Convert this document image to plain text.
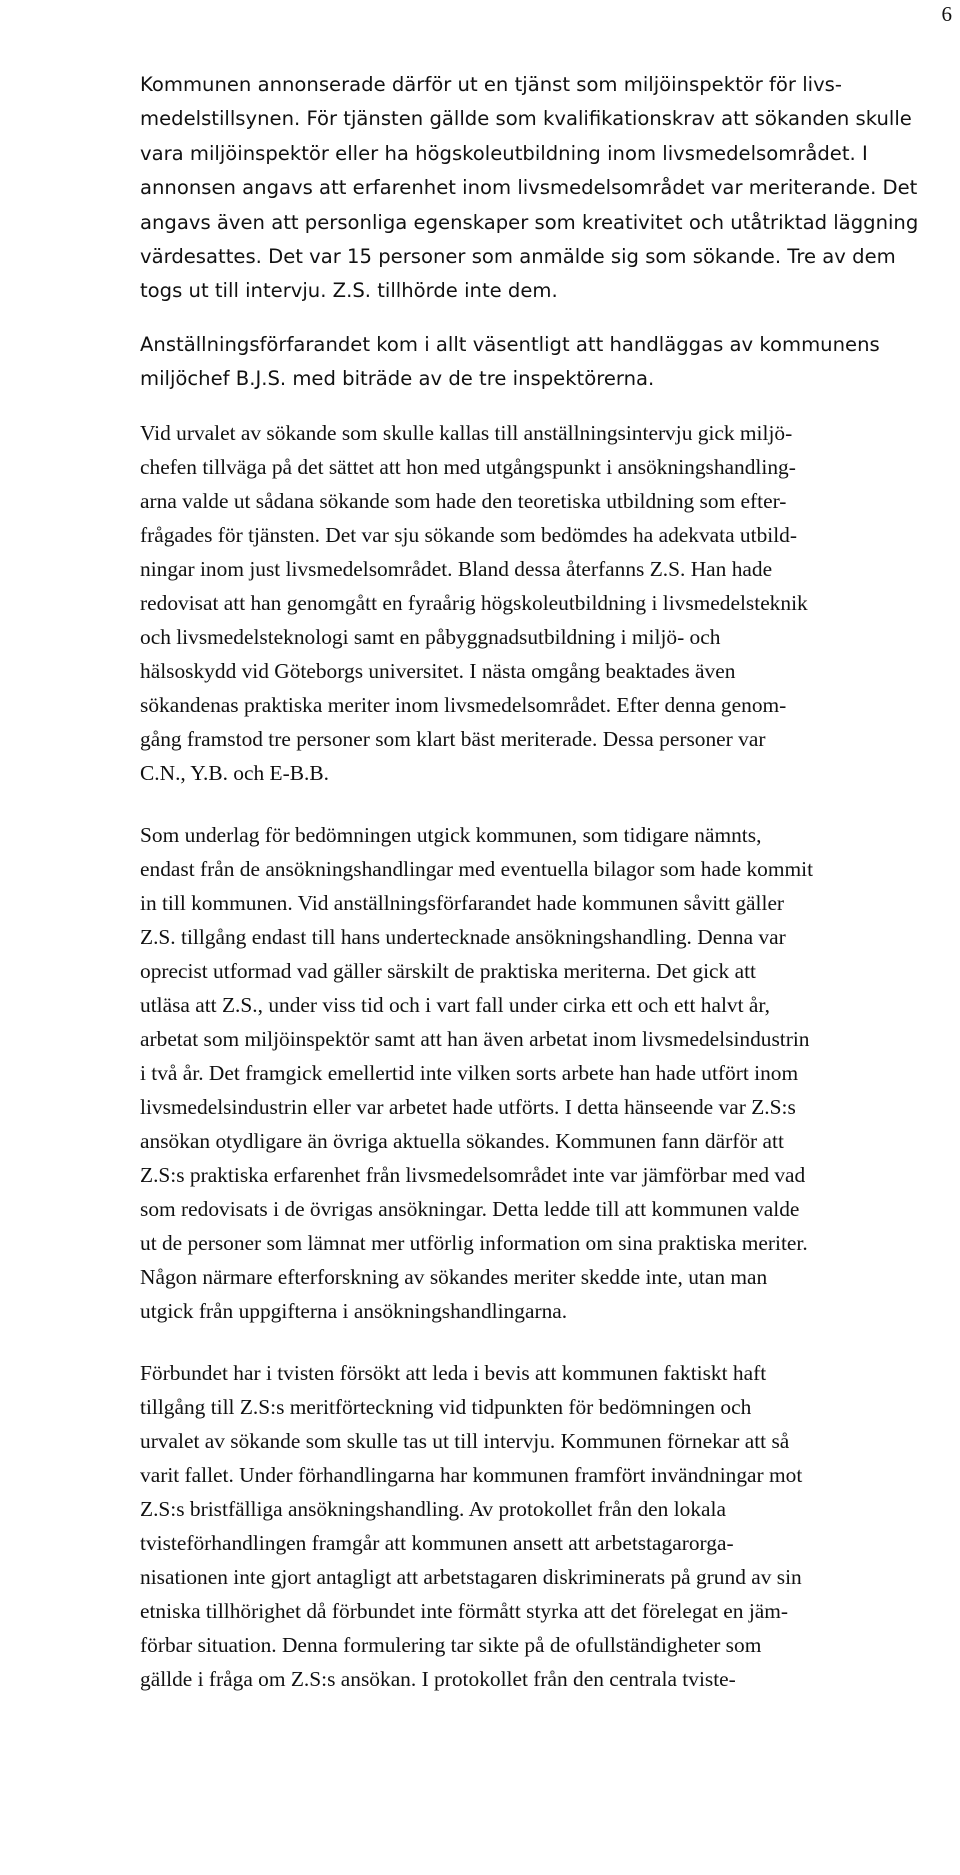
6

Kommunen annonserade därför ut en tjänst som miljöinspektör för livs-
medelstillsynen. För tjänsten gällde som kvalifikationskrav att sökanden skulle
vara miljöinspektör eller ha högskoleutbildning inom livsmedelsområdet. I
annonsen angavs att erfarenhet inom livsmedelsområdet var meriterande. Det
angavs även att personliga egenskaper som kreativitet och utåtriktad läggning
värdesattes. Det var 15 personer som anmälde sig som sökande. Tre av dem
togs ut till intervju. Z.S. tillhörde inte dem.

Anställningsförfarandet kom i allt väsentligt att handläggas av kommunens
miljöchef B.J.S. med biträde av de tre inspektörerna.

Vid urvalet av sökande som skulle kallas till anställningsintervju gick miljö-
chefen tillväga på det sättet att hon med utgångspunkt i ansökningshandling-
arna valde ut sådana sökande som hade den teoretiska utbildning som efter-
frågades för tjänsten. Det var sju sökande som bedömdes ha adekvata utbild-
ningar inom just livsmedelsområdet. Bland dessa återfanns Z.S. Han hade
redovisat att han genomgått en fyraårig högskoleutbildning i livsmedelsteknik
och livsmedelsteknologi samt en påbyggnadsutbildning i miljö- och
hälsoskydd vid Göteborgs universitet. I nästa omgång beaktades även
sökandenas praktiska meriter inom livsmedelsområdet. Efter denna genom-
gång framstod tre personer som klart bäst meriterade. Dessa personer var
C.N., Y.B. och E-B.B.

Som underlag för bedömningen utgick kommunen, som tidigare nämnts,
endast från de ansökningshandlingar med eventuella bilagor som hade kommit
in till kommunen. Vid anställningsförfarandet hade kommunen såvitt gäller
Z.S. tillgång endast till hans undertecknade ansökningshandling. Denna var
oprecist utformad vad gäller särskilt de praktiska meriterna. Det gick att
utläsa att Z.S., under viss tid och i vart fall under cirka ett och ett halvt år,
arbetat som miljöinspektör samt att han även arbetat inom livsmedelsindustrin
i två år. Det framgick emellertid inte vilken sorts arbete han hade utfört inom
livsmedelsindustrin eller var arbetet hade utförts. I detta hänseende var Z.S:s
ansökan otydligare än övriga aktuella sökandes. Kommunen fann därför att
Z.S:s praktiska erfarenhet från livsmedelsområdet inte var jämförbar med vad
som redovisats i de övrigas ansökningar. Detta ledde till att kommunen valde
ut de personer som lämnat mer utförlig information om sina praktiska meriter.
Någon närmare efterforskning av sökandes meriter skedde inte, utan man
utgick från uppgifterna i ansökningshandlingarna.

Förbundet har i tvisten försökt att leda i bevis att kommunen faktiskt haft
tillgång till Z.S:s meritförteckning vid tidpunkten för bedömningen och
urvalet av sökande som skulle tas ut till intervju. Kommunen förnekar att så
varit fallet. Under förhandlingarna har kommunen framfört invändningar mot
Z.S:s bristfälliga ansökningshandling. Av protokollet från den lokala
tvisteförhandlingen framgår att kommunen ansett att arbetstagarorga-
nisationen inte gjort antagligt att arbetstagaren diskriminerats på grund av sin
etniska tillhörighet då förbundet inte förmått styrka att det förelegat en jäm-
förbar situation. Denna formulering tar sikte på de ofullständigheter som
gällde i fråga om Z.S:s ansökan. I protokollet från den centrala tviste-
